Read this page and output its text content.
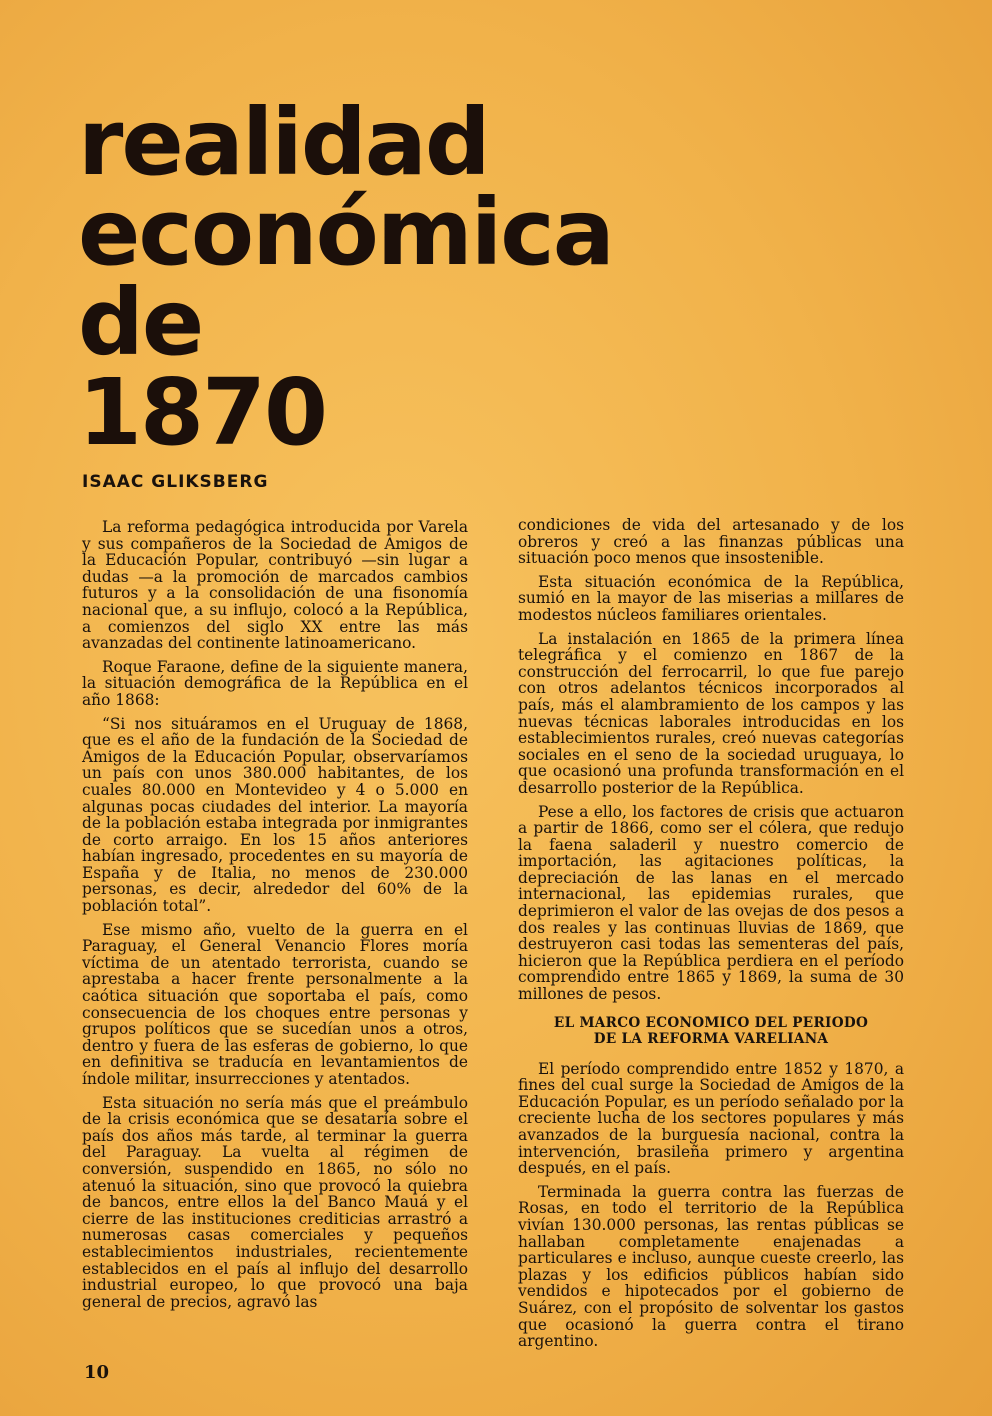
realidad
económica
de
1870
ISAAC GLIKSBERG

La reforma pedagógica introducida por Varela y sus compañeros de la Sociedad de Amigos de la Educación Popular, contribuyó —sin lugar a dudas —a la promoción de marcados cambios futuros y a la consolidación de una fisonomía nacional que, a su influjo, colocó a la República, a comienzos del siglo XX entre las más avanzadas del continente latinoamericano.

Roque Faraone, define de la siguiente manera, la situación demográfica de la República en el año 1868:

“Si nos situáramos en el Uruguay de 1868, que es el año de la fundación de la Sociedad de Amigos de la Educación Popular, observaríamos un país con unos 380.000 habitantes, de los cuales 80.000 en Montevideo y 4 o 5.000 en algunas pocas ciudades del interior. La mayoría de la población estaba integrada por inmigrantes de corto arraigo. En los 15 años anteriores habían ingresado, procedentes en su mayoría de España y de Italia, no menos de 230.000 personas, es decir, alrededor del 60% de la población total”.

Ese mismo año, vuelto de la guerra en el Paraguay, el General Venancio Flores moría víctima de un atentado terrorista, cuando se aprestaba a hacer frente personalmente a la caótica situación que soportaba el país, como consecuencia de los choques entre personas y grupos políticos que se sucedían unos a otros, dentro y fuera de las esferas de gobierno, lo que en definitiva se traducía en levantamientos de índole militar, insurrecciones y atentados.

Esta situación no sería más que el preámbulo de la crisis económica que se desataría sobre el país dos años más tarde, al terminar la guerra del Paraguay. La vuelta al régimen de conversión, suspendido en 1865, no sólo no atenuó la situación, sino que provocó la quiebra de bancos, entre ellos la del Banco Mauá y el cierre de las instituciones crediticias arrastró a numerosas casas comerciales y pequeños establecimientos industriales, recientemente establecidos en el país al influjo del desarrollo industrial europeo, lo que provocó una baja general de precios, agravó las

condiciones de vida del artesanado y de los obreros y creó a las finanzas públicas una situación poco menos que insostenible.

Esta situación económica de la República, sumió en la mayor de las miserias a millares de modestos núcleos familiares orientales.

La instalación en 1865 de la primera línea telegráfica y el comienzo en 1867 de la construcción del ferrocarril, lo que fue parejo con otros adelantos técnicos incorporados al país, más el alambramiento de los campos y las nuevas técnicas laborales introducidas en los establecimientos rurales, creó nuevas categorías sociales en el seno de la sociedad uruguaya, lo que ocasionó una profunda transformación en el desarrollo posterior de la República.

Pese a ello, los factores de crisis que actuaron a partir de 1866, como ser el cólera, que redujo la faena saladeril y nuestro comercio de importación, las agitaciones políticas, la depreciación de las lanas en el mercado internacional, las epidemias rurales, que deprimieron el valor de las ovejas de dos pesos a dos reales y las continuas lluvias de 1869, que destruyeron casi todas las sementeras del país, hicieron que la República perdiera en el período comprendido entre 1865 y 1869, la suma de 30 millones de pesos.

EL MARCO ECONOMICO DEL PERIODO
DE LA REFORMA VARELIANA

El período comprendido entre 1852 y 1870, a fines del cual surge la Sociedad de Amigos de la Educación Popular, es un período señalado por la creciente lucha de los sectores populares y más avanzados de la burguesía nacional, contra la intervención, brasileña primero y argentina después, en el país.

Terminada la guerra contra las fuerzas de Rosas, en todo el territorio de la República vivían 130.000 personas, las rentas públicas se hallaban completamente enajenadas a particulares e incluso, aunque cueste creerlo, las plazas y los edificios públicos habían sido vendidos e hipotecados por el gobierno de Suárez, con el propósito de solventar los gastos que ocasionó la guerra contra el tirano argentino.

10
